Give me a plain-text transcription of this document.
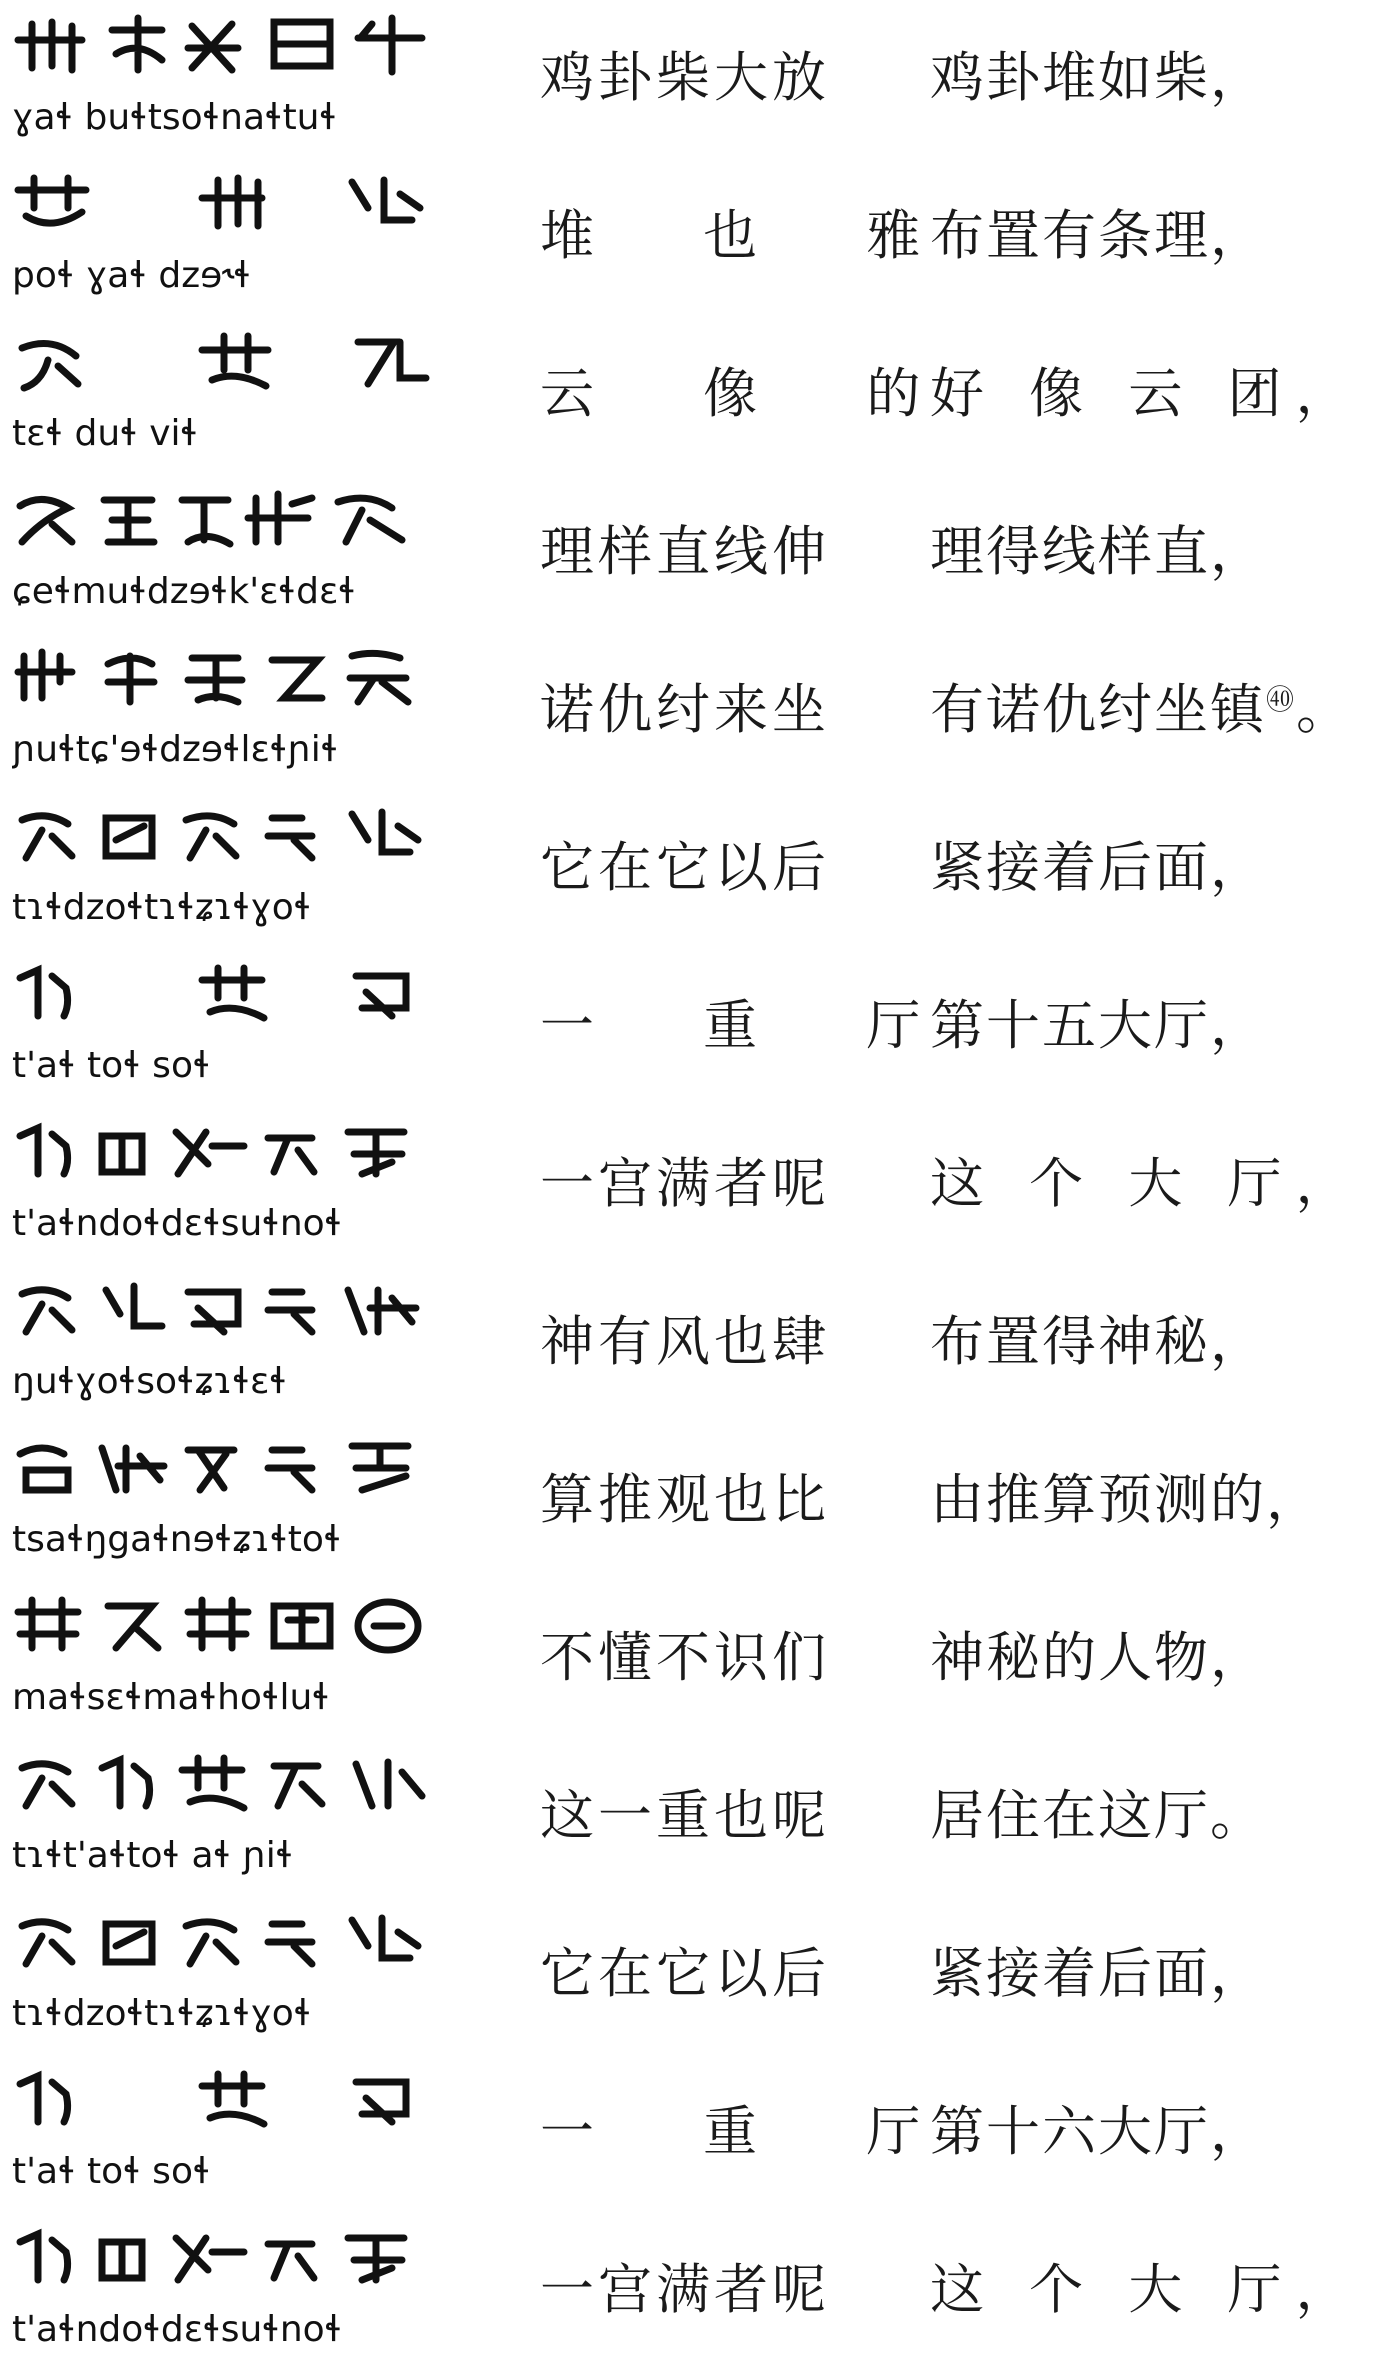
ɣaɬ buɬtsoɬnaɬtuɬ
鸡卦柴大放 鸡卦堆如柴，
poɬ ɣaɬ dzɘ˞ɬ
堆 也 雅
布置有条理，
tɛɬ duɬ viɬ
云 像 的
好 像 云 团，
ɕeɬmuɬdzɘɬk'ɛɬdɛɬ
理样直线伸 理得线样直，
ɲuɬtɕ'ɘɬdzɘɬlɛɬɲiɬ
诺仇纣来坐 有诺仇纣坐镇$^㊵$。
tɿɬdzoɬtɿɬʑɿɬɣoɬ
它在它以后 紧接着后面，
t'aɬ toɬ soɬ
一 重 厅
第十五大厅，
t'aɬndoɬdɛɬsuɬnoɬ
一宫满者呢 这 个 大 厅，
ŋuɬɣoɬsoɬʑɿɬɛɬ
神有风也肆 布置得神秘，
tsaɬŋgaɬnɘɬʑɿɬtoɬ
算推观也比 由推算预测的，
maɬsɛɬmaɬhoɬluɬ
不懂不识们 神秘的人物，
tɿɬt'aɬtoɬ aɬ ɲiɬ
这一重也呢 居住在这厅。
tɿɬdzoɬtɿɬʑɿɬɣoɬ
它在它以后 紧接着后面，
t'aɬ toɬ soɬ
一 重 厅
第十六大厅，
t'aɬndoɬdɛɬsuɬnoɬ
一宫满者呢 这 个 大 厅，
